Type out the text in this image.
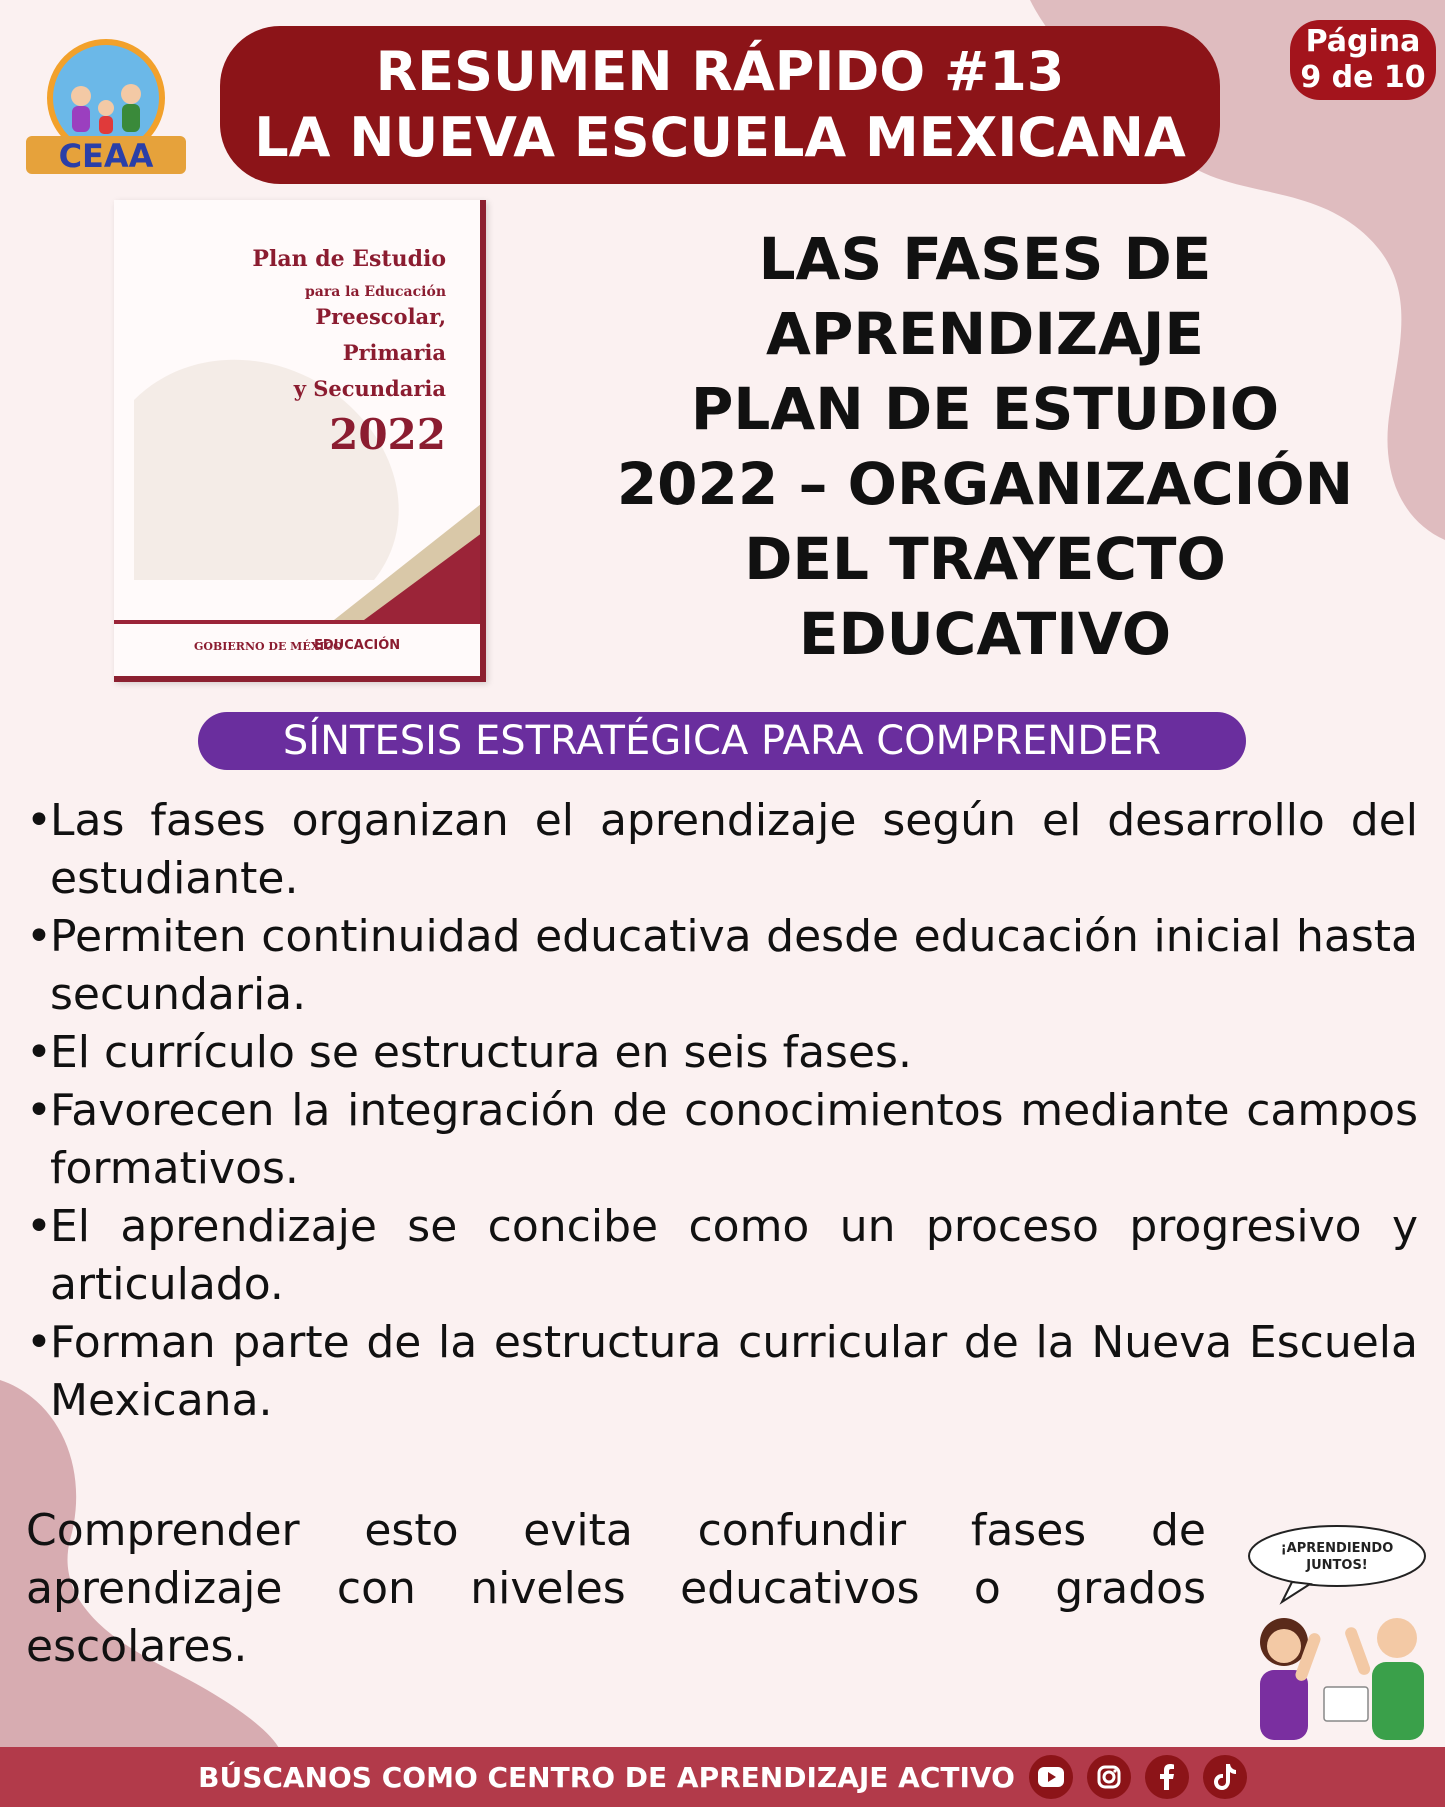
CEAA
RESUMEN RÁPIDO #13
LA NUEVA ESCUELA MEXICANA
Página
9 de 10
Plan de Estudio
para la Educación
Preescolar,
Primaria
y Secundaria
2022
GOBIERNO DE MÉXICO
EDUCACIÓN
LAS FASES DE
APRENDIZAJE
PLAN DE ESTUDIO
2022 – ORGANIZACIÓN
DEL TRAYECTO
EDUCATIVO
SÍNTESIS ESTRATÉGICA PARA COMPRENDER
•
Las fases organizan el aprendizaje según el desarrollo del estudiante.
•
Permiten continuidad educativa desde educación inicial hasta secundaria.
•
El currículo se estructura en seis fases.
•
Favorecen la integración de conocimientos mediante campos formativos.
•
El aprendizaje se concibe como un proceso progresivo y articulado.
•
Forman parte de la estructura curricular de la Nueva Escuela Mexicana.
Comprender esto evita confundir fases de aprendizaje con niveles educativos o grados escolares.
¡APRENDIENDO
JUNTOS!
BÚSCANOS COMO CENTRO DE APRENDIZAJE ACTIVO
